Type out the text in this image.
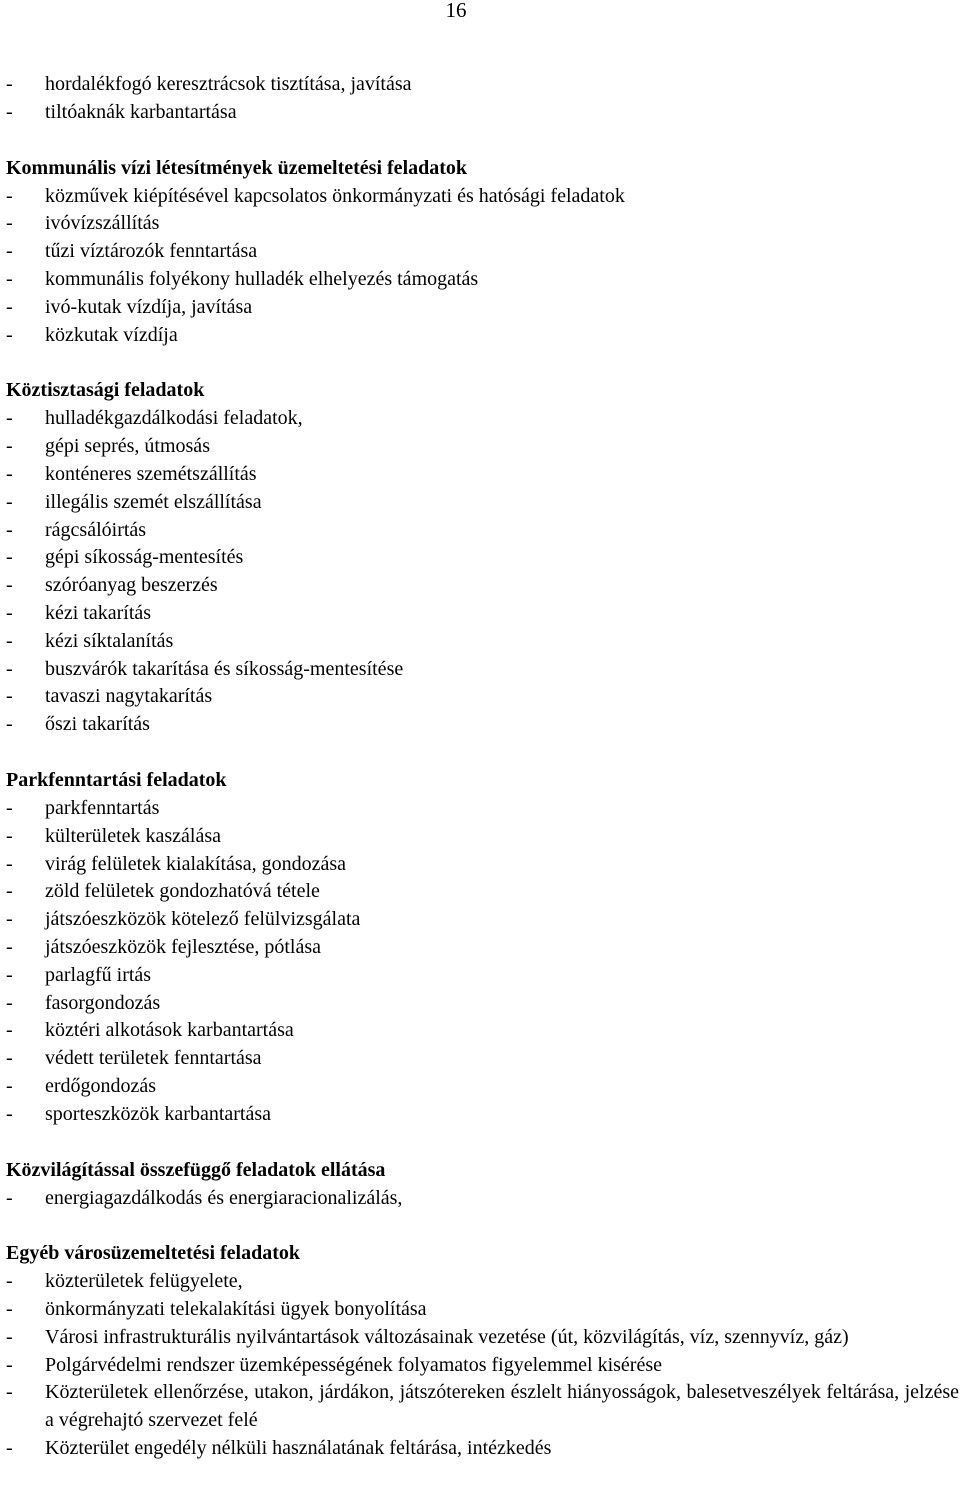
16
- hordalékfogó keresztrácsok tisztítása, javítása
- tiltóaknák karbantartása
Kommunális vízi létesítmények üzemeltetési feladatok
- közművek kiépítésével kapcsolatos önkormányzati és hatósági feladatok
- ivóvízszállítás
- tűzi víztározók fenntartása
- kommunális folyékony hulladék elhelyezés támogatás
- ivó-kutak vízdíja, javítása
- közkutak vízdíja
Köztisztasági feladatok
- hulladékgazdálkodási feladatok,
- gépi seprés, útmosás
- konténeres szemétszállítás
- illegális szemét elszállítása
- rágcsálóirtás
- gépi síkosság-mentesítés
- szóróanyag beszerzés
- kézi takarítás
- kézi síktalanítás
- buszvárók takarítása és síkosság-mentesítése
- tavaszi nagytakarítás
- őszi takarítás
Parkfenntartási feladatok
- parkfenntartás
- külterületek kaszálása
- virág felületek kialakítása, gondozása
- zöld felületek gondozhatóvá tétele
- játszóeszközök kötelező felülvizsgálata
- játszóeszközök fejlesztése, pótlása
- parlagfű irtás
- fasorgondozás
- köztéri alkotások karbantartása
- védett területek fenntartása
- erdőgondozás
- sporteszközök karbantartása
Közvilágítással összefüggő feladatok ellátása
- energiagazdálkodás és energiaracionalizálás,
Egyéb városüzemeltetési feladatok
- közterületek felügyelete,
- önkormányzati telekalakítási ügyek bonyolítása
- Városi infrastrukturális nyilvántartások változásainak vezetése (út, közvilágítás, víz, szennyvíz, gáz)
- Polgárvédelmi rendszer üzemképességének folyamatos figyelemmel kisérése
- Közterületek ellenőrzése, utakon, járdákon, játszótereken észlelt hiányosságok, balesetveszélyek feltárása, jelzése a végrehajtó szervezet felé
- Közterület engedély nélküli használatának feltárása, intézkedés
